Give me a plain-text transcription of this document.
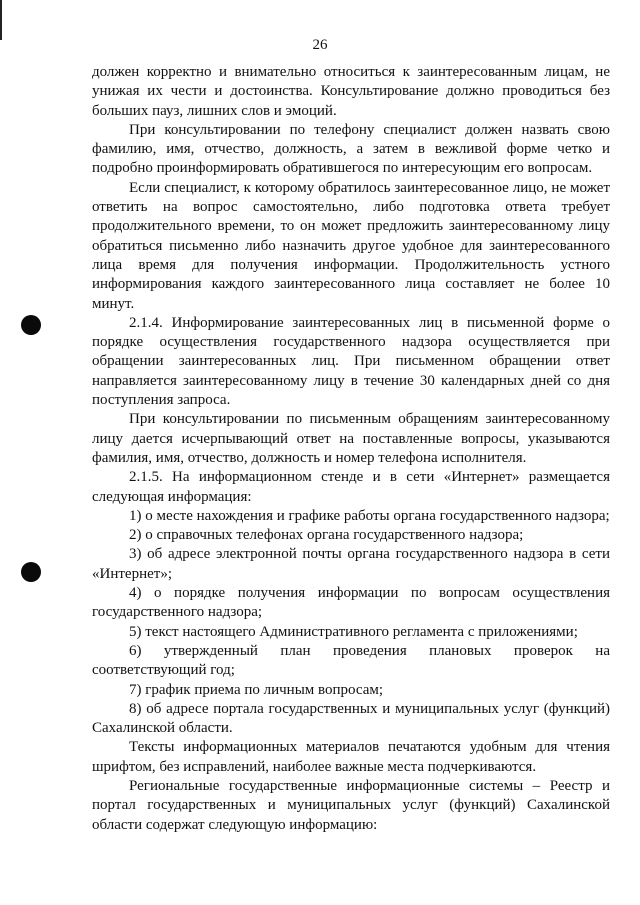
26

должен корректно и внимательно относиться к заинтересованным лицам, не унижая их чести и достоинства. Консультирование должно проводиться без больших пауз, лишних слов и эмоций.

При консультировании по телефону специалист должен назвать свою фамилию, имя, отчество, должность, а затем в вежливой форме четко и подробно проинформировать обратившегося по интересующим его вопросам.

Если специалист, к которому обратилось заинтересованное лицо, не может ответить на вопрос самостоятельно, либо подготовка ответа требует продолжительного времени, то он может предложить заинтересованному лицу обратиться письменно либо назначить другое удобное для заинтересованного лица время для получения информации. Продолжительность устного информирования каждого заинтересованного лица составляет не более 10 минут.

2.1.4. Информирование заинтересованных лиц в письменной форме о порядке осуществления государственного надзора осуществляется при обращении заинтересованных лиц. При письменном обращении ответ направляется заинтересованному лицу в течение 30 календарных дней со дня поступления запроса.

При консультировании по письменным обращениям заинтересованному лицу дается исчерпывающий ответ на поставленные вопросы, указываются фамилия, имя, отчество, должность и номер телефона исполнителя.

2.1.5. На информационном стенде и в сети «Интернет» размещается следующая информация:

1) о месте нахождения и графике работы органа государственного надзора;

2) о справочных телефонах органа государственного надзора;

3) об адресе электронной почты органа государственного надзора в сети «Интернет»;

4) о порядке получения информации по вопросам осуществления государственного надзора;

5) текст настоящего Административного регламента с приложениями;

6) утвержденный план проведения плановых проверок на соответствующий год;

7) график приема по личным вопросам;

8) об адресе портала государственных и муниципальных услуг (функций) Сахалинской области.

Тексты информационных материалов печатаются удобным для чтения шрифтом, без исправлений, наиболее важные места подчеркиваются.

Региональные государственные информационные системы – Реестр и портал государственных и муниципальных услуг (функций) Сахалинской области содержат следующую информацию:
